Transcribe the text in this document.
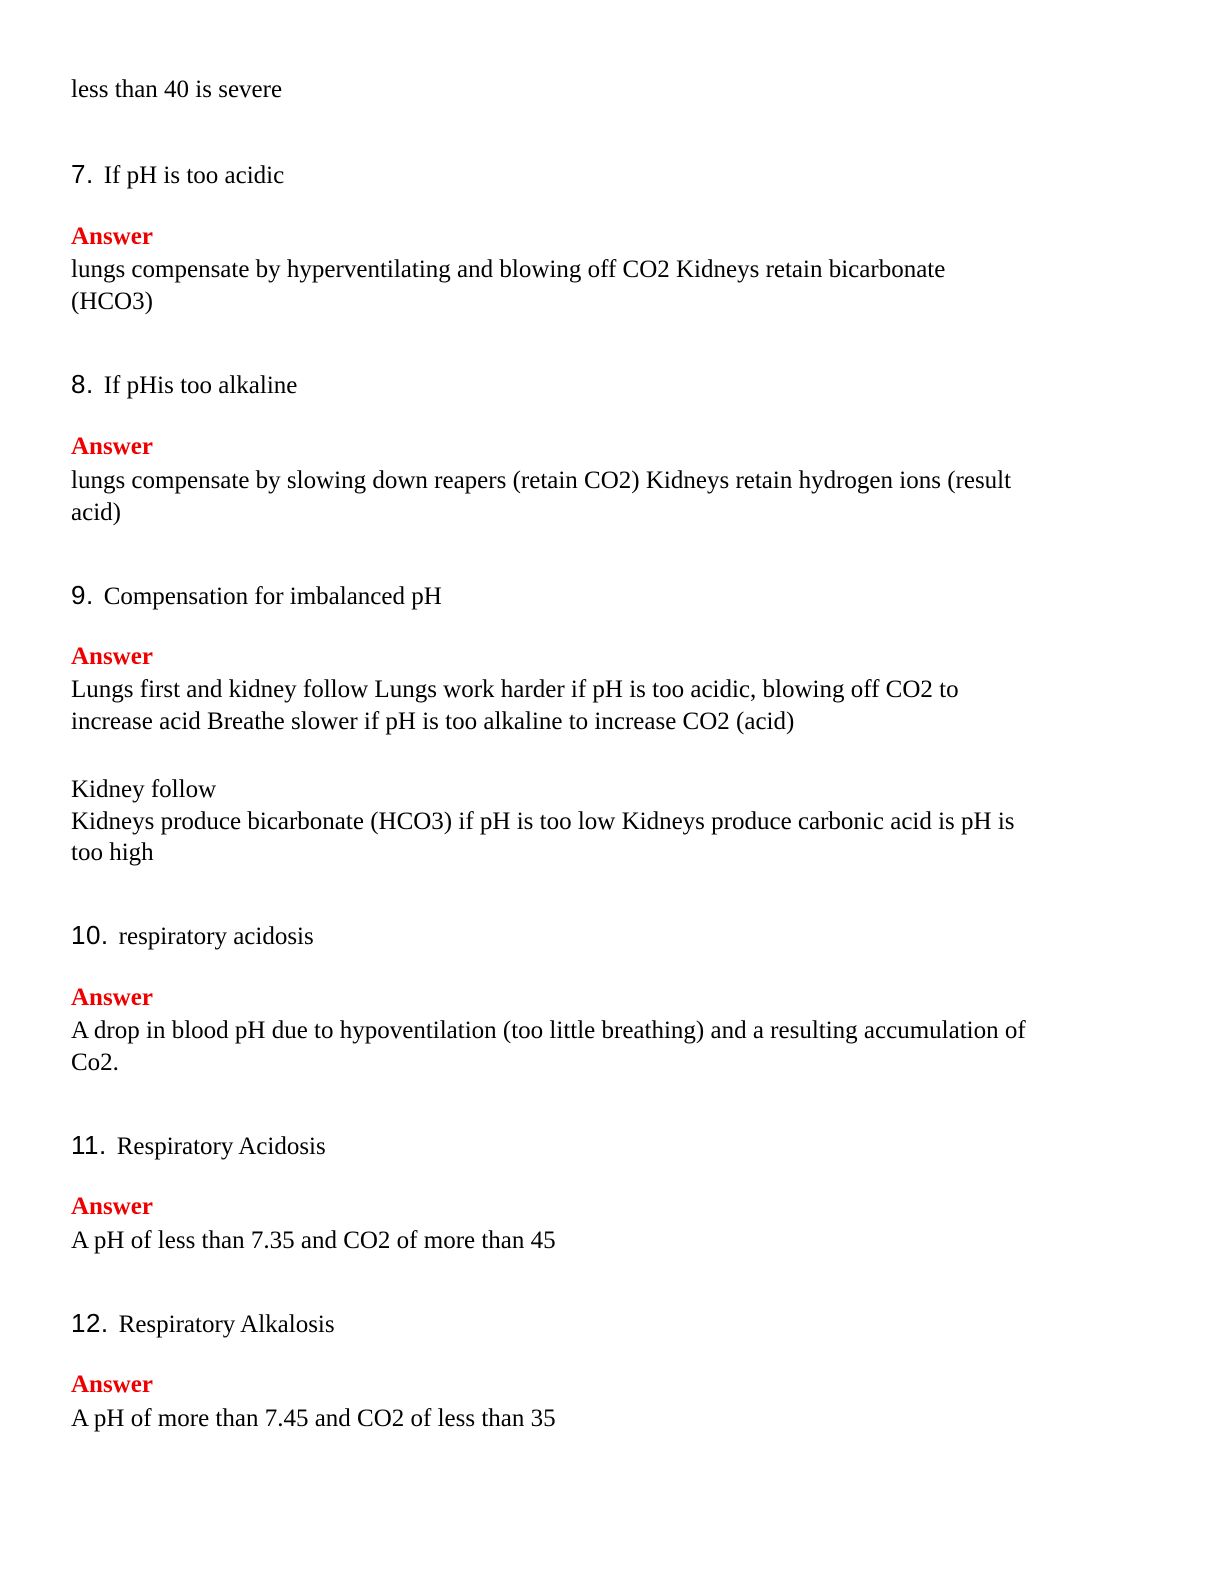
less than 40 is severe
7. If pH is too acidic
Answer
lungs compensate by hyperventilating and blowing off CO2 Kidneys retain bicarbonate
(HCO3)
8. If pHis too alkaline
Answer
lungs compensate by slowing down reapers (retain CO2) Kidneys retain hydrogen ions (result
acid)
9. Compensation for imbalanced pH
Answer
Lungs first and kidney follow Lungs work harder if pH is too acidic, blowing off CO2 to
increase acid Breathe slower if pH is too alkaline to increase CO2 (acid)
Kidney follow
Kidneys produce bicarbonate (HCO3) if pH is too low Kidneys produce carbonic acid is pH is
too high
10. respiratory acidosis
Answer
A drop in blood pH due to hypoventilation (too little breathing) and a resulting accumulation of
Co2.
11. Respiratory Acidosis
Answer
A pH of less than 7.35 and CO2 of more than 45
12. Respiratory Alkalosis
Answer
A pH of more than 7.45 and CO2 of less than 35
